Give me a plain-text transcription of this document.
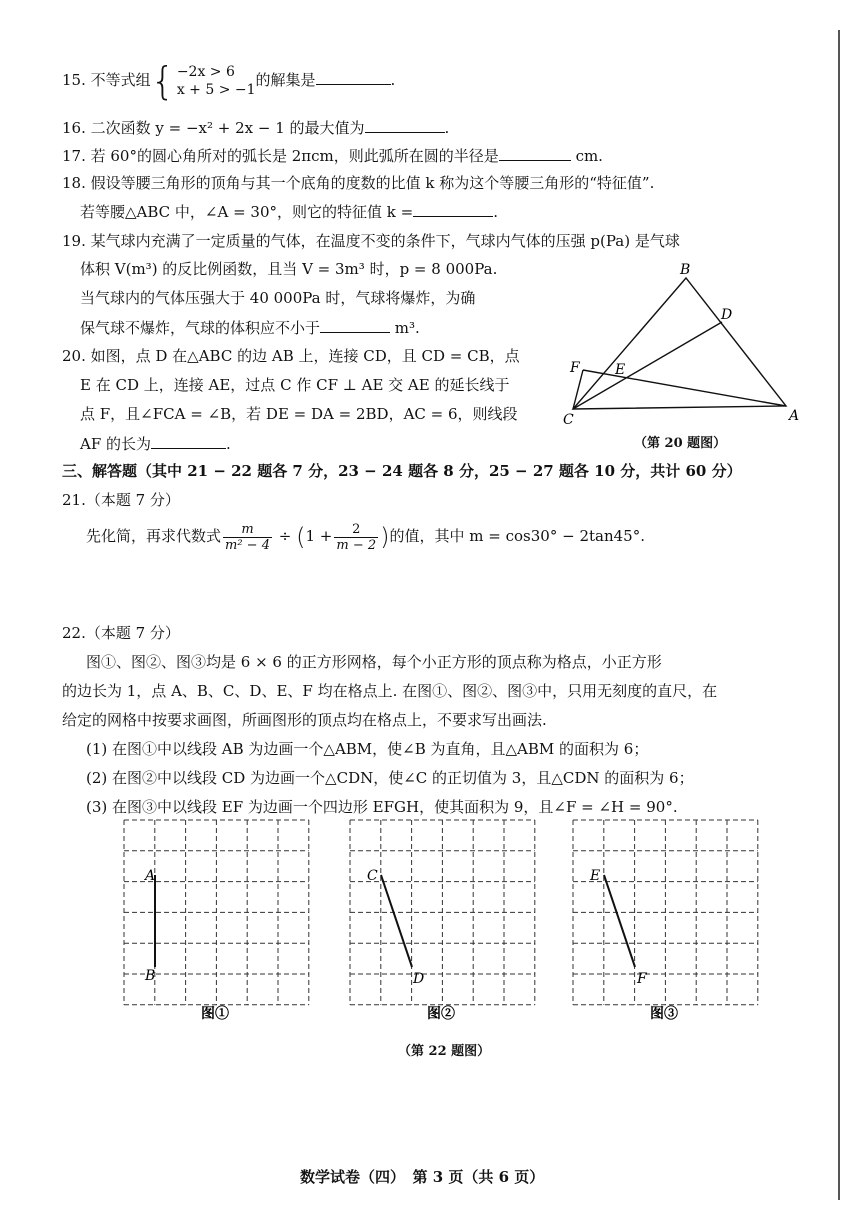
15. 不等式组{ −2x > 6
x + 5 > −1
的解集是	.
16. 二次函数 y = −x² + 2x − 1 的最大值为	.
17. 若 60°的圆心角所对的弧长是 2πcm，则此弧所在圆的半径是	cm.
18. 假设等腰三角形的顶角与其一个底角的度数的比值 k 称为这个等腰三角形的“特征值”.
若等腰△ABC 中，∠A = 30°，则它的特征值 k =	.
19. 某气球内充满了一定质量的气体，在温度不变的条件下，气球内气体的压强 p(Pa) 是气球
体积 V(m³) 的反比例函数，且当 V = 3m³ 时，p = 8 000Pa.
当气球内的气体压强大于 40 000Pa 时，气球将爆炸，为确
保气球不爆炸，气球的体积应不小于	m³.
20. 如图，点 D 在△ABC 的边 AB 上，连接 CD，且 CD = CB，点
E 在 CD 上，连接 AE，过点 C 作 CF ⊥ AE 交 AE 的延长线于
点 F，且∠FCA = ∠B，若 DE = DA = 2BD，AC = 6，则线段
AF 的长为	.
B
D
F	E
C	A
（第 20 题图）
三、解答题（其中 21 − 22 题各 7 分，23 − 24 题各 8 分，25 − 27 题各 10 分，共计 60 分）
21.（本题 7 分）
先化简，再求代数式 $\frac{m}{\text{m² − 4}} \div (1 + \frac{2}{m - 2}$ )的值，其中 m = cos30° − 2tan45°.
22.（本题 7 分）
图①、图②、图③均是 6 × 6 的正方形网格，每个小正方形的顶点称为格点，小正方形
的边长为 1，点 A、B、C、D、E、F 均在格点上. 在图①、图②、图③中，只用无刻度的直尺，在
给定的网格中按要求画图，所画图形的顶点均在格点上，不要求写出画法.
(1) 在图①中以线段 AB 为边画一个△ABM，使∠B 为直角，且△ABM 的面积为 6；
(2) 在图②中以线段 CD 为边画一个△CDN，使∠C 的正切值为 3，且△CDN 的面积为 6；
(3) 在图③中以线段 EF 为边画一个四边形 EFGH，使其面积为 9，且∠F = ∠H = 90°.
A
B
C
D
E
F
图①	图②	图③
（第 22 题图）
数学试卷（四）　第 3 页（共 6 页）
